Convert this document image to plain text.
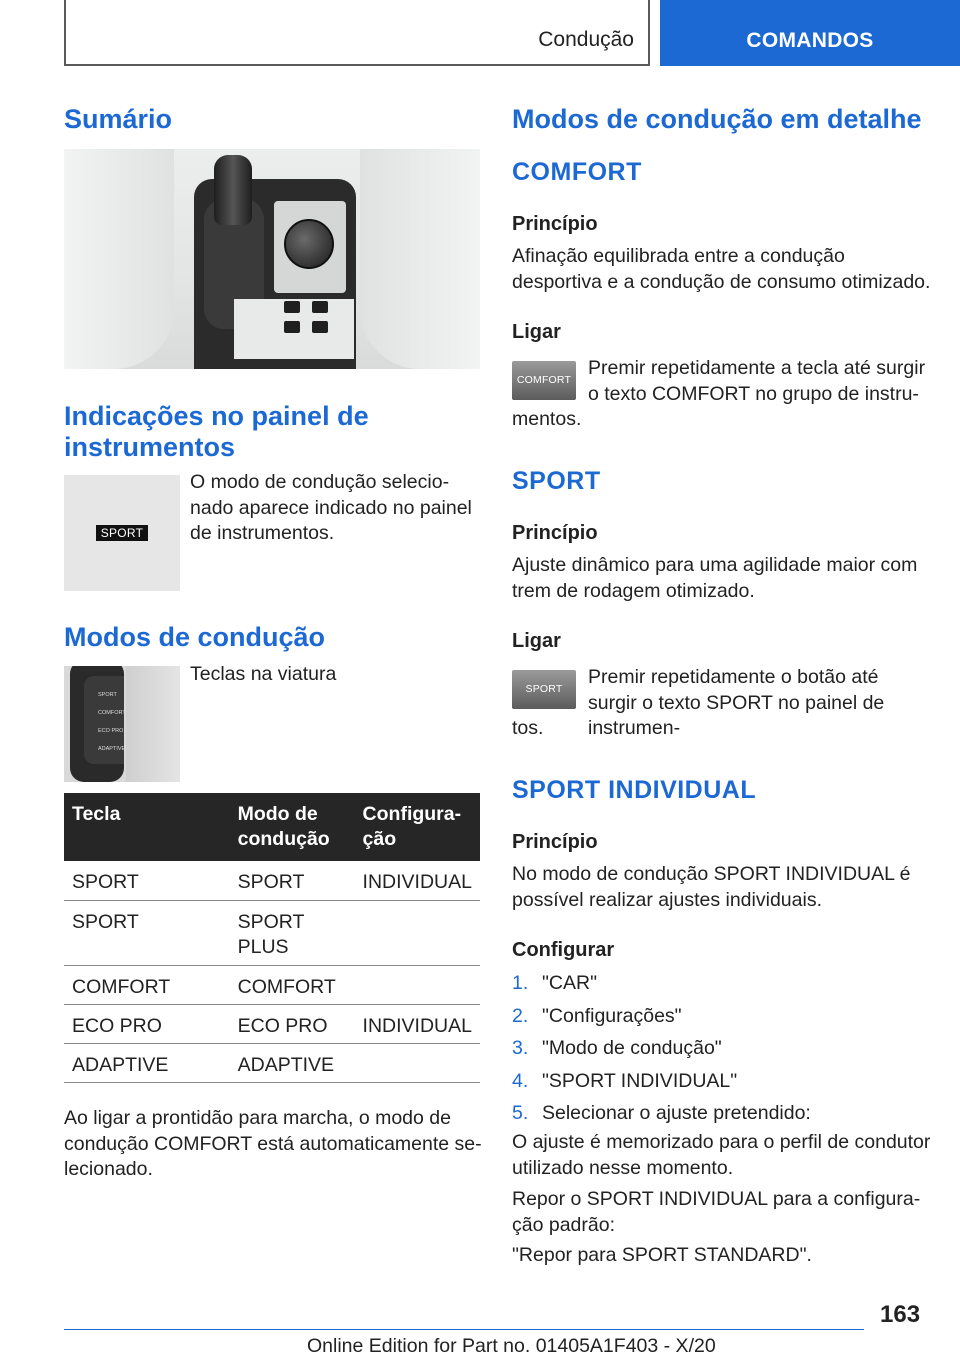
Condução	COMANDOS
Sumário
Indicações no painel de instrumentos
SPORT
O modo de condução selecio-nado aparece indicado no painel de instrumentos.
Modos de condução
SPORT
COMFORT
ECO PRO
ADAPTIVE
Teclas na viatura
Tecla	Modo de condução	Configura-ção
SPORT	SPORT	INDIVIDUAL
SPORT	SPORT PLUS	
COMFORT	COMFORT	
ECO PRO	ECO PRO	INDIVIDUAL
ADAPTIVE	ADAPTIVE	
Ao ligar a prontidão para marcha, o modo de condução COMFORT está automaticamente se-lecionado.
Modos de condução em detalhe
COMFORT
Princípio
Afinação equilibrada entre a condução desportiva e a condução de consumo otimizado.
Ligar
COMFORT
Premir repetidamente a tecla até surgir o texto COMFORT no grupo de instru-
mentos.
SPORT
Princípio
Ajuste dinâmico para uma agilidade maior com trem de rodagem otimizado.
Ligar
SPORT
Premir repetidamente o botão até surgir o texto SPORT no painel de instrumen-
tos.
SPORT INDIVIDUAL
Princípio
No modo de condução SPORT INDIVIDUAL é possível realizar ajustes individuais.
Configurar
1. "CAR"
2. "Configurações"
3. "Modo de condução"
4. "SPORT INDIVIDUAL"
5. Selecionar o ajuste pretendido:
O ajuste é memorizado para o perfil de condutor utilizado nesse momento.
Repor o SPORT INDIVIDUAL para a configura-ção padrão:
"Repor para SPORT STANDARD".
163
Online Edition for Part no. 01405A1F403 - X/20
